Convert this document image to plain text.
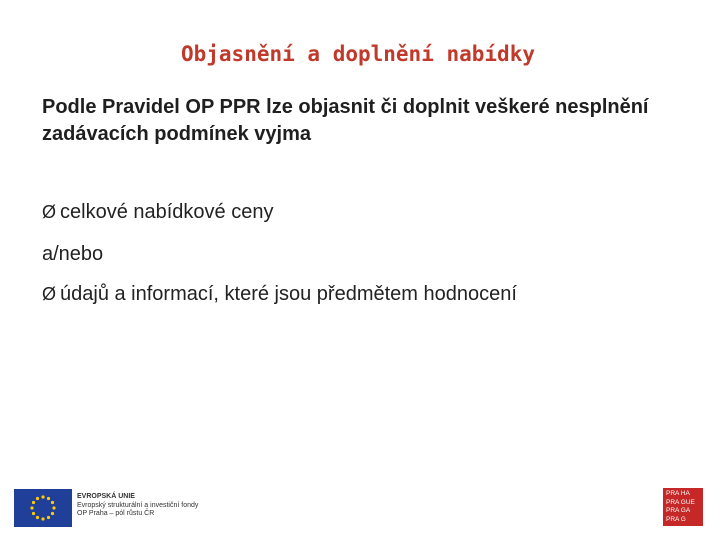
Objasnění a doplnění nabídky
Podle Pravidel OP PPR lze objasnit či doplnit veškeré nesplnění zadávacích podmínek vyjma
Ø celkové nabídkové ceny
a/nebo
Ø údajů a informací, které jsou předmětem hodnocení
EVROPSKÁ UNIE
Evropský strukturální a investiční fondy
OP Praha – pól růstu ČR
PRA HA
PRA GUE
PRA GA
PRA G
